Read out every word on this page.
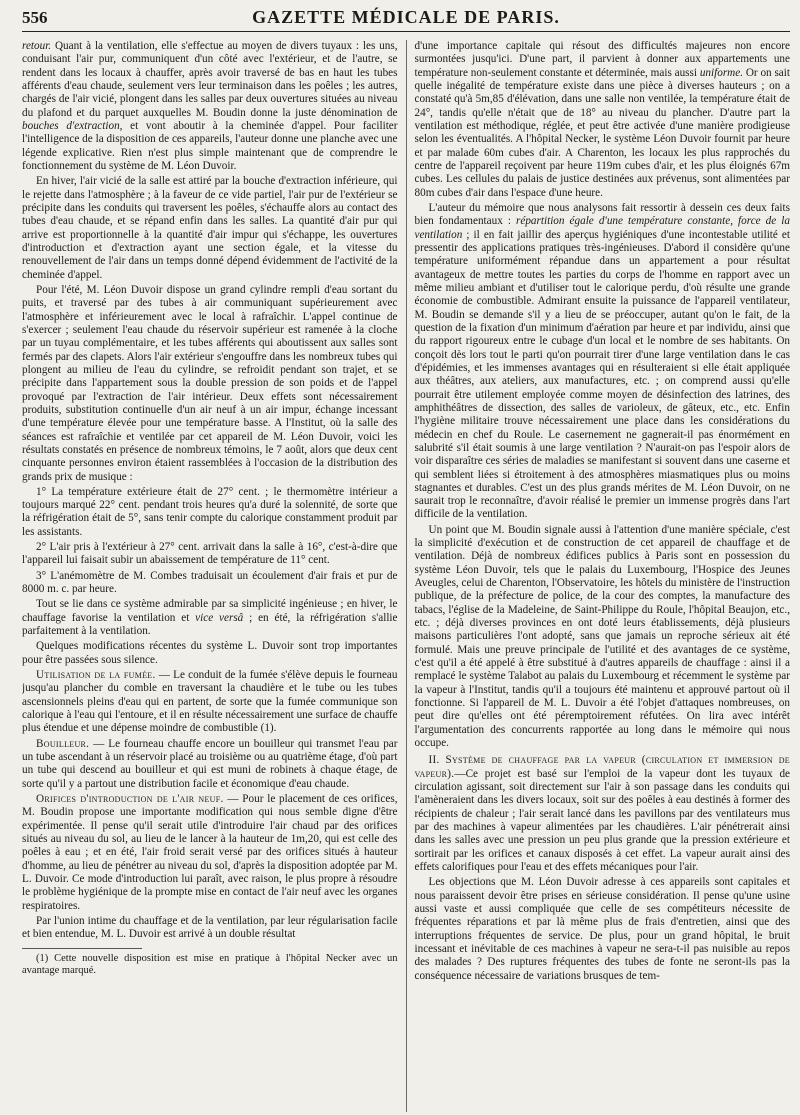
556	GAZETTE MÉDICALE DE PARIS.

retour. Quant à la ventilation, elle s'effectue au moyen de divers tuyaux : les uns, conduisant l'air pur, communiquent d'un côté avec l'extérieur, et de l'autre, se rendent dans les locaux à chauffer, après avoir traversé de bas en haut les tubes afférents d'eau chaude, seulement vers leur terminaison dans les poêles ; les autres, chargés de l'air vicié, plongent dans les salles par deux ouvertures situées au niveau du plafond et du parquet auxquelles M. Boudin donne la juste dénomination de bouches d'extraction, et vont aboutir à la cheminée d'appel. Pour faciliter l'intelligence de la disposition de ces appareils, l'auteur donne une planche avec une légende explicative. Rien n'est plus simple maintenant que de comprendre le fonctionnement du système de M. Léon Duvoir.

En hiver, l'air vicié de la salle est attiré par la bouche d'extraction inférieure, qui le rejette dans l'atmosphère ; à la faveur de ce vide partiel, l'air pur de l'extérieur se précipite dans les conduits qui traversent les poêles, s'échauffe alors au contact des tubes d'eau chaude, et se répand enfin dans les salles. La quantité d'air pur qui arrive est proportionnelle à la quantité d'air impur qui s'échappe, les ouvertures d'introduction et d'extraction ayant une section égale, et la vitesse du renouvellement de l'air dans un temps donné dépend évidemment de l'activité de la cheminée d'appel.

Pour l'été, M. Léon Duvoir dispose un grand cylindre rempli d'eau sortant du puits, et traversé par des tubes à air communiquant supérieurement avec l'atmosphère et inférieurement avec le local à rafraîchir. L'appel continue de s'exercer ; seulement l'eau chaude du réservoir supérieur est ramenée à la cloche par un tuyau complémentaire, et les tubes afférents qui aboutissent aux salles sont fermés par des clapets. Alors l'air extérieur s'engouffre dans les nombreux tubes qui plongent au milieu de l'eau du cylindre, se refroidit pendant son trajet, et se précipite dans l'appartement sous la double pression de son poids et de l'appel provoqué par l'extraction de l'air intérieur. Deux effets sont nécessairement produits, substitution continuelle d'un air neuf à un air impur, échange incessant d'une température élevée pour une température basse. A l'Institut, où la salle des séances est rafraîchie et ventilée par cet appareil de M. Léon Duvoir, voici les résultats constatés en présence de nombreux témoins, le 7 août, alors que deux cent cinquante personnes environ étaient rassemblées à l'occasion de la distribution des grands prix de musique :

1° La température extérieure était de 27° cent. ; le thermomètre intérieur a toujours marqué 22° cent. pendant trois heures qu'a duré la solennité, de sorte que la réfrigération était de 5°, sans tenir compte du calorique constamment produit par les assistants.

2° L'air pris à l'extérieur à 27° cent. arrivait dans la salle à 16°, c'est-à-dire que l'appareil lui faisait subir un abaissement de température de 11° cent.

3° L'anémomètre de M. Combes traduisait un écoulement d'air frais et pur de 8000 m. c. par heure.

Tout se lie dans ce système admirable par sa simplicité ingénieuse ; en hiver, le chauffage favorise la ventilation et vice versâ ; en été, la réfrigération s'allie parfaitement à la ventilation.

Quelques modifications récentes du système L. Duvoir sont trop importantes pour être passées sous silence.

Utilisation de la fumée. — Le conduit de la fumée s'élève depuis le fourneau jusqu'au plancher du comble en traversant la chaudière et le tube ou les tubes ascensionnels pleins d'eau qui en partent, de sorte que la fumée communique son calorique à l'eau qui l'entoure, et il en résulte nécessairement une surface de chauffe plus étendue et une dépense moindre de combustible (1).

Bouilleur. — Le fourneau chauffe encore un bouilleur qui transmet l'eau par un tube ascendant à un réservoir placé au troisième ou au quatrième étage, d'où part un tube qui descend au bouilleur et qui est muni de robinets à chaque étage, de sorte qu'il y a partout une distribution facile et économique d'eau chaude.

Orifices d'introduction de l'air neuf. — Pour le placement de ces orifices, M. Boudin propose une importante modification qui nous semble digne d'être expérimentée. Il pense qu'il serait utile d'introduire l'air chaud par des orifices situés au niveau du sol, au lieu de le lancer à la hauteur de 1m,20, qui est celle des poêles à eau ; et en été, l'air froid serait versé par des orifices situés à hauteur d'homme, au lieu de pénétrer au niveau du sol, d'après la disposition adoptée par M. L. Duvoir. Ce mode d'introduction lui paraît, avec raison, le plus propre à résoudre le problème hygiénique de la prompte mise en contact de l'air neuf avec les organes respiratoires.

Par l'union intime du chauffage et de la ventilation, par leur régularisation facile et bien entendue, M. L. Duvoir est arrivé à un double résultat

(1) Cette nouvelle disposition est mise en pratique à l'hôpital Necker avec un avantage marqué.

d'une importance capitale qui résout des difficultés majeures non encore surmontées jusqu'ici. D'une part, il parvient à donner aux appartements une température non-seulement constante et déterminée, mais aussi uniforme. Or on sait quelle inégalité de température existe dans une pièce à diverses hauteurs ; on a constaté qu'à 5m,85 d'élévation, dans une salle non ventilée, la température était de 24°, tandis qu'elle n'était que de 18° au niveau du plancher. D'autre part la ventilation est méthodique, réglée, et peut être activée d'une manière prodigieuse selon les éventualités. A l'hôpital Necker, le système Léon Duvoir fournit par heure et par malade 60m cubes d'air. A Charenton, les locaux les plus rapprochés du centre de l'appareil reçoivent par heure 119m cubes d'air, et les plus éloignés 67m cubes. Les cellules du palais de justice destinées aux prévenus, sont alimentées par 80m cubes d'air dans l'espace d'une heure.

L'auteur du mémoire que nous analysons fait ressortir à dessein ces deux faits bien fondamentaux : répartition égale d'une température constante, force de la ventilation ; il en fait jaillir des aperçus hygiéniques d'une incontestable utilité et pressentir des applications pratiques très-ingénieuses. D'abord il considère qu'une température uniformément répandue dans un appartement a pour résultat avantageux de mettre toutes les parties du corps de l'homme en rapport avec un même milieu ambiant et d'utiliser tout le calorique perdu, d'où résulte une grande économie de combustible. Admirant ensuite la puissance de l'appareil ventilateur, M. Boudin se demande s'il y a lieu de se préoccuper, autant qu'on le fait, de la question de la fixation d'un minimum d'aération par heure et par individu, ainsi que du rapport rigoureux entre le cubage d'un local et le nombre de ses habitants. On conçoit dès lors tout le parti qu'on pourrait tirer d'une large ventilation dans le cas d'épidémies, et les immenses avantages qui en résulteraient si elle était appliquée aux théâtres, aux ateliers, aux manufactures, etc. ; on comprend aussi qu'elle pourrait être utilement employée comme moyen de désinfection des latrines, des amphithéâtres de dissection, des salles de varioleux, de gâteux, etc., etc. Enfin l'hygiène militaire trouve nécessairement une place dans les considérations du médecin en chef du Roule. Le casernement ne gagnerait-il pas énormément en salubrité s'il était soumis à une large ventilation ? N'aurait-on pas l'espoir alors de voir disparaître ces séries de maladies se manifestant si souvent dans une caserne et qui semblent liées si étroitement à des atmosphères miasmatiques plus ou moins stagnantes et durables. C'est un des plus grands mérites de M. Léon Duvoir, on ne saurait trop le reconnaître, d'avoir réalisé le premier un immense progrès dans l'art difficile de la ventilation.

Un point que M. Boudin signale aussi à l'attention d'une manière spéciale, c'est la simplicité d'exécution et de construction de cet appareil de chauffage et de ventilation. Déjà de nombreux édifices publics à Paris sont en possession du système Léon Duvoir, tels que le palais du Luxembourg, l'Hospice des Jeunes Aveugles, celui de Charenton, l'Observatoire, les hôtels du ministère de l'instruction publique, de la préfecture de police, de la cour des comptes, la manufacture des tabacs, l'église de la Madeleine, de Saint-Philippe du Roule, l'hôpital Beaujon, etc., etc. ; déjà diverses provinces en ont doté leurs établissements, déjà plusieurs maisons particulières l'ont adopté, sans que jamais un reproche sérieux ait été formulé. Mais une preuve principale de l'utilité et des avantages de ce système, c'est qu'il a été appelé à être substitué à d'autres appareils de chauffage : ainsi il a remplacé le système Talabot au palais du Luxembourg et récemment le système par la vapeur à l'Institut, tandis qu'il a toujours été maintenu et approuvé partout où il fonctionne. Si l'appareil de M. L. Duvoir a été l'objet d'attaques nombreuses, on peut dire qu'elles ont été péremptoirement réfutées. On lira avec intérêt l'argumentation des concurrents rapportée au long dans le mémoire qui nous occupe.

II. Système de chauffage par la vapeur (circulation et immersion de vapeur).—Ce projet est basé sur l'emploi de la vapeur dont les tuyaux de circulation agissant, soit directement sur l'air à son passage dans les conduits qui l'amèneraient dans les divers locaux, soit sur des poêles à eau destinés à former des récipients de chaleur ; l'air serait lancé dans les pavillons par des ventilateurs mus par des machines à vapeur alimentées par les chaudières. L'air pénétrerait ainsi dans les salles avec une pression un peu plus grande que la pression extérieure et sortirait par les orifices et canaux disposés à cet effet. La vapeur aurait ainsi des effets calorifiques pour l'eau et des effets mécaniques pour l'air.

Les objections que M. Léon Duvoir adresse à ces appareils sont capitales et nous paraissent devoir être prises en sérieuse considération. Il pense qu'une usine aussi vaste et aussi compliquée que celle de ses compétiteurs nécessite de fréquentes réparations et par là même plus de frais d'entretien, ainsi que des interruptions fréquentes de service. De plus, pour un grand hôpital, le bruit incessant et inévitable de ces machines à vapeur ne sera-t-il pas nuisible au repos des malades ? Des ruptures fréquentes des tubes de fonte ne seront-ils pas la conséquence nécessaire de variations brusques de tem-
